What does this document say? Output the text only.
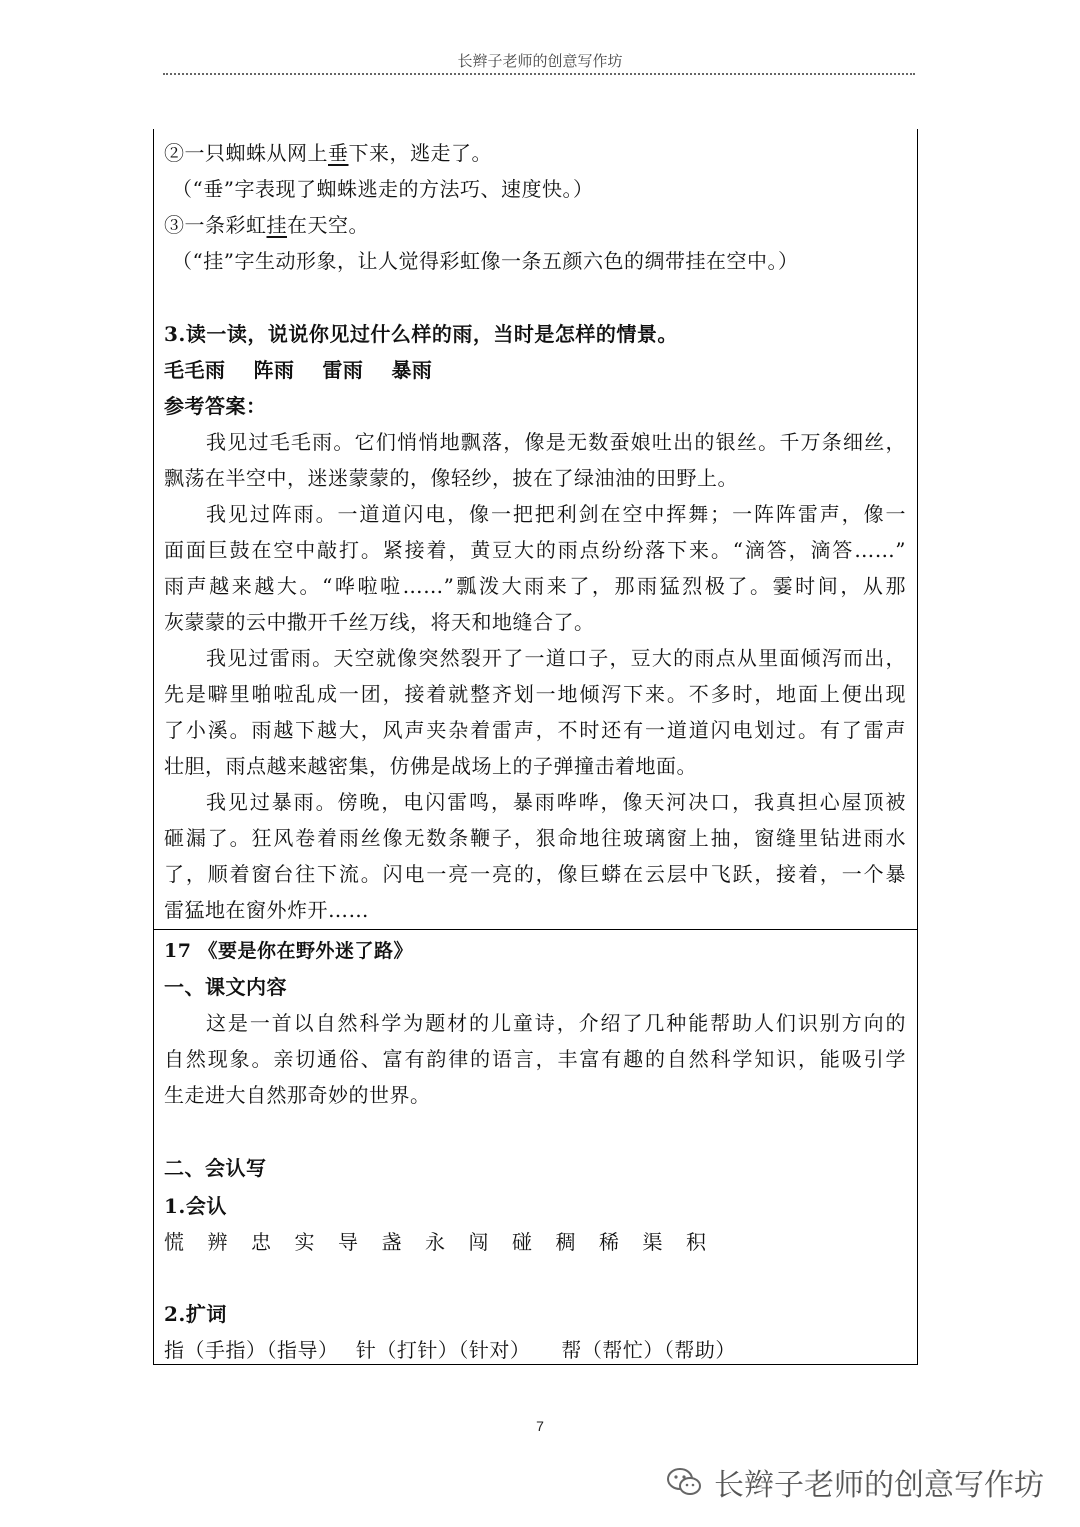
长辫子老师的创意写作坊
②一只蜘蛛从网上垂下来，逃走了。
（“垂”字表现了蜘蛛逃走的方法巧、速度快。）
③一条彩虹挂在天空。
（“挂”字生动形象，让人觉得彩虹像一条五颜六色的绸带挂在空中。）
3.读一读，说说你见过什么样的雨，当时是怎样的情景。
毛毛雨　 阵雨　 雷雨　 暴雨
参考答案：
我见过毛毛雨。它们悄悄地飘落，像是无数蚕娘吐出的银丝。千万条细丝，
飘荡在半空中，迷迷蒙蒙的，像轻纱，披在了绿油油的田野上。
我见过阵雨。一道道闪电，像一把把利剑在空中挥舞；一阵阵雷声，像一
面面巨鼓在空中敲打。紧接着，黄豆大的雨点纷纷落下来。“滴答，滴答……”
雨声越来越大。“哗啦啦……”瓢泼大雨来了，那雨猛烈极了。霎时间，从那
灰蒙蒙的云中撒开千丝万线，将天和地缝合了。
我见过雷雨。天空就像突然裂开了一道口子，豆大的雨点从里面倾泻而出，
先是噼里啪啦乱成一团，接着就整齐划一地倾泻下来。不多时，地面上便出现
了小溪。雨越下越大，风声夹杂着雷声，不时还有一道道闪电划过。有了雷声
壮胆，雨点越来越密集，仿佛是战场上的子弹撞击着地面。
我见过暴雨。傍晚，电闪雷鸣，暴雨哗哗，像天河决口，我真担心屋顶被
砸漏了。狂风卷着雨丝像无数条鞭子，狠命地往玻璃窗上抽，窗缝里钻进雨水
了，顺着窗台往下流。闪电一亮一亮的，像巨蟒在云层中飞跃，接着，一个暴
雷猛地在窗外炸开……
17 《要是你在野外迷了路》
一、课文内容
这是一首以自然科学为题材的儿童诗，介绍了几种能帮助人们识别方向的
自然现象。亲切通俗、富有韵律的语言，丰富有趣的自然科学知识，能吸引学
生走进大自然那奇妙的世界。
二、会认写
1.会认
慌 辨 忠 实 导 盏 永 闯 碰 稠 稀 渠 积
2.扩词
指（手指）（指导）　 针（打针）（针对）　　帮（帮忙）（帮助）
7
长辫子老师的创意写作坊
